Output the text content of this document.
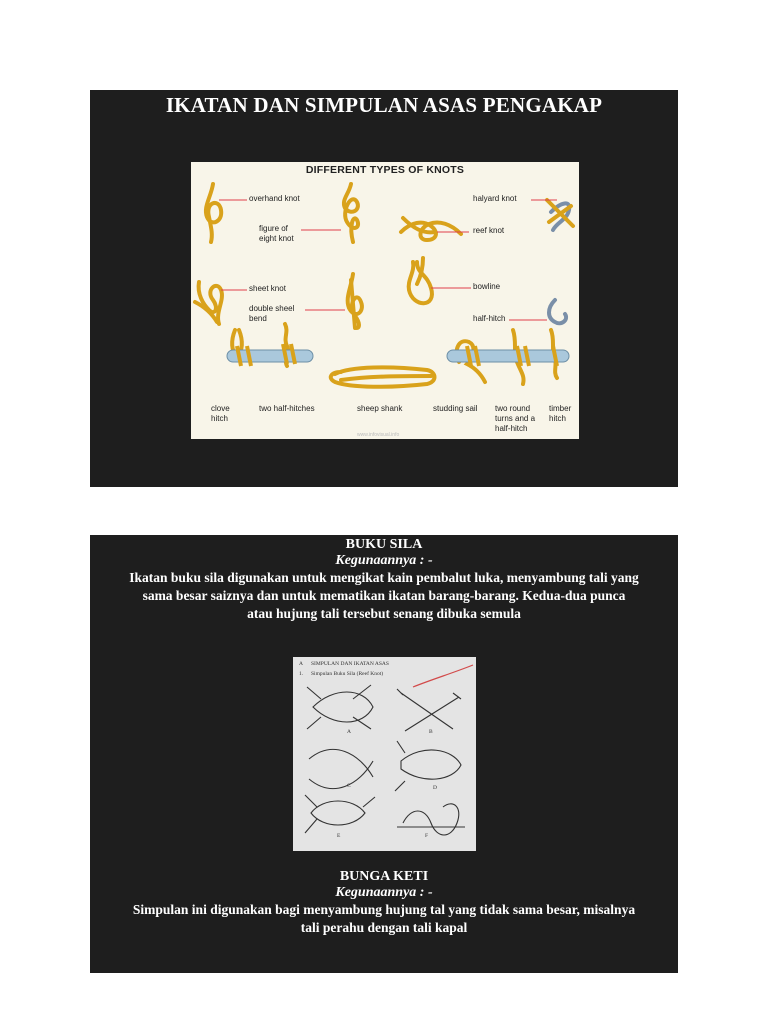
IKATAN DAN SIMPULAN ASAS PENGAKAP
DIFFERENT TYPES OF KNOTS
overhand knot
figure of
eight knot
halyard knot
reef knot
sheet knot
double sheel
bend
bowline
half-hitch
clove
hitch
two half-hitches	sheep shank	studding sail two round
turns and a
half-hitch
timber
hitch
www.infovisual.info
BUKU SILA
Kegunaannya : -
Ikatan buku sila digunakan untuk mengikat kain pembalut luka, menyambung tali yang
sama besar saiznya dan untuk mematikan ikatan barang-barang. Kedua-dua punca
atau hujung tali tersebut senang dibuka semula
A SIMPULAN DAN IKATAN ASAS
1. Simpulan Buku Sila (Reef Knot)
A	B
C	D
E	F
BUNGA KETI
Kegunaannya : -
Simpulan ini digunakan bagi menyambung hujung tal yang tidak sama besar, misalnya
tali perahu dengan tali kapal
